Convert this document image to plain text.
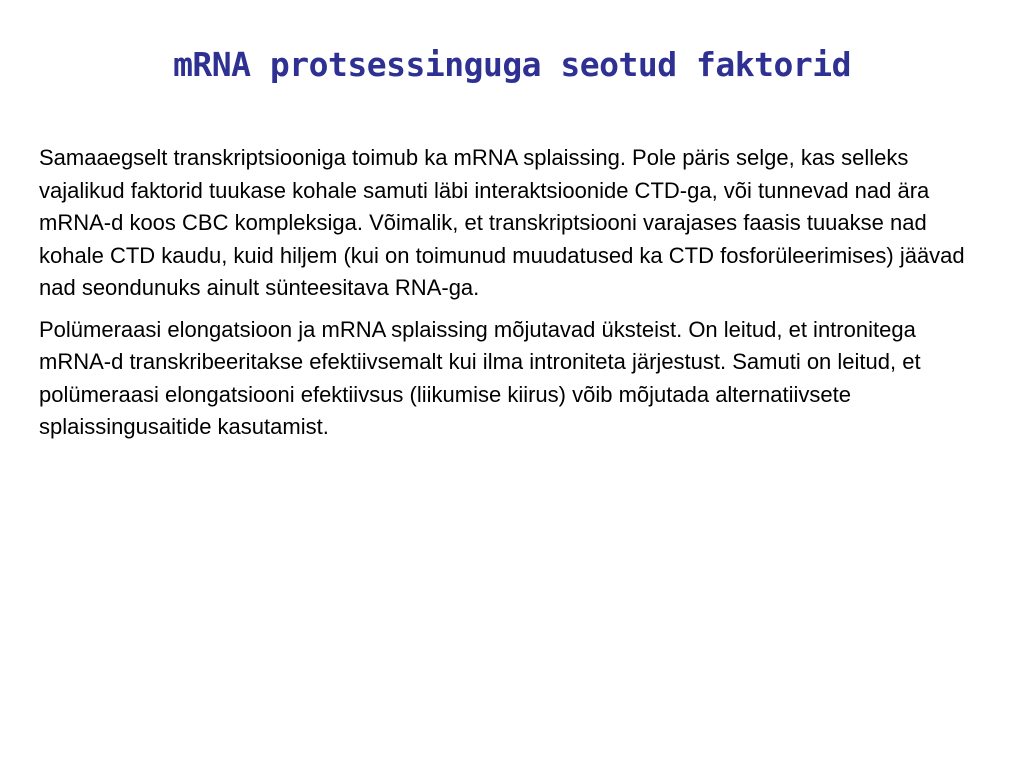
mRNA protsessinguga seotud faktorid

Samaaegselt transkriptsiooniga toimub ka mRNA splaissing. Pole päris selge, kas selleks vajalikud faktorid tuukase kohale samuti läbi interaktsioonide CTD-ga, või tunnevad nad ära mRNA-d koos CBC kompleksiga. Võimalik, et transkriptsiooni varajases faasis tuuakse nad kohale CTD kaudu, kuid hiljem (kui on toimunud muudatused ka CTD fosforüleerimises) jäävad nad seondunuks ainult sünteesitava RNA-ga.

Polümeraasi elongatsioon ja mRNA splaissing mõjutavad üksteist. On leitud, et intronitega mRNA-d transkribeeritakse efektiivsemalt kui ilma introniteta järjestust. Samuti on leitud, et polümeraasi elongatsiooni efektiivsus (liikumise kiirus) võib mõjutada alternatiivsete splaissingusaitide kasutamist.
